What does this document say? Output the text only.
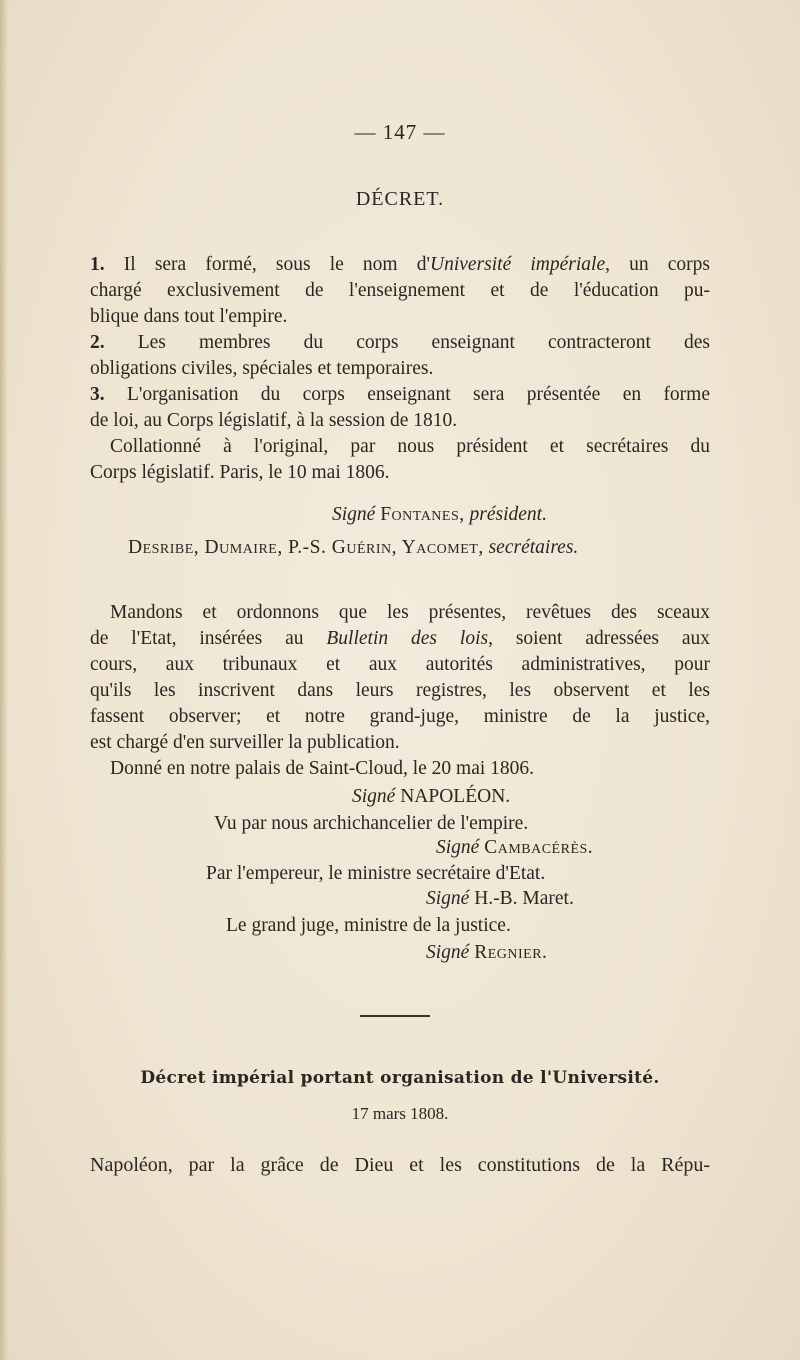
— 147 —
DÉCRET.
1. Il sera formé, sous le nom d'Université impériale, un corps
chargé exclusivement de l'enseignement et de l'éducation pu-
blique dans tout l'empire.
2. Les membres du corps enseignant contracteront des
obligations civiles, spéciales et temporaires.
3. L'organisation du corps enseignant sera présentée en forme
de loi, au Corps législatif, à la session de 1810.
Collationné à l'original, par nous président et secrétaires du
Corps législatif. Paris, le 10 mai 1806.
Signé Fontanes, président.
Desribe, Dumaire, P.-S. Guérin, Yacomet, secrétaires.
Mandons et ordonnons que les présentes, revêtues des sceaux
de l'Etat, insérées au Bulletin des lois, soient adressées aux
cours, aux tribunaux et aux autorités administratives, pour
qu'ils les inscrivent dans leurs registres, les observent et les
fassent observer; et notre grand-juge, ministre de la justice,
est chargé d'en surveiller la publication.
Donné en notre palais de Saint-Cloud, le 20 mai 1806.
Signé NAPOLÉON.
Vu par nous archichancelier de l'empire.
Signé Cambacérès.
Par l'empereur, le ministre secrétaire d'Etat.
Signé H.-B. Maret.
Le grand juge, ministre de la justice.
Signé Regnier.
Décret impérial portant organisation de l'Université.
17 mars 1808.
Napoléon, par la grâce de Dieu et les constitutions de la Répu-
